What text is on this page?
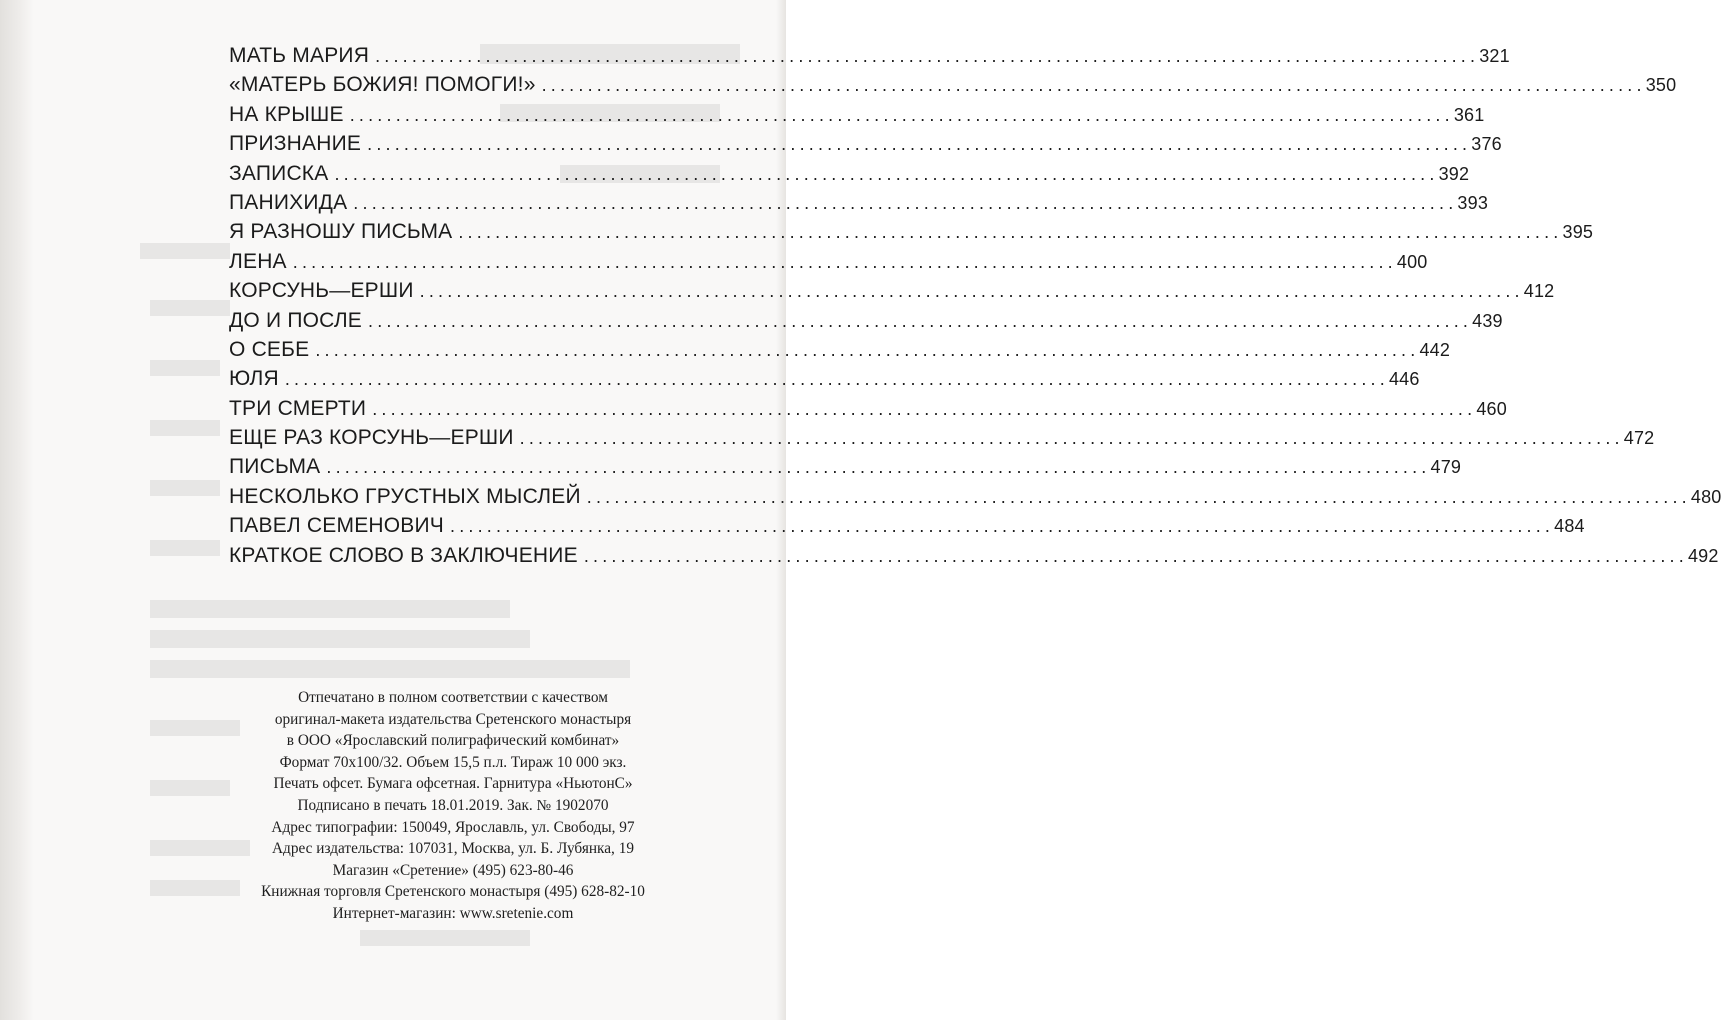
МАТЬ МАРИЯ ........................................................................................................................ 321
«МАТЕРЬ БОЖИЯ! ПОМОГИ!» ........................................................................................................................ 350
НА КРЫШЕ ........................................................................................................................ 361
ПРИЗНАНИЕ ........................................................................................................................ 376
ЗАПИСКА ........................................................................................................................ 392
ПАНИХИДА ........................................................................................................................ 393
Я РАЗНОШУ ПИСЬМА ........................................................................................................................ 395
ЛЕНА ........................................................................................................................ 400
КОРСУНЬ—ЕРШИ ........................................................................................................................ 412
ДО И ПОСЛЕ ........................................................................................................................ 439
О СЕБЕ ........................................................................................................................ 442
ЮЛЯ ........................................................................................................................ 446
ТРИ СМЕРТИ ........................................................................................................................ 460
ЕЩЕ РАЗ КОРСУНЬ—ЕРШИ ........................................................................................................................ 472
ПИСЬМА ........................................................................................................................ 479
НЕСКОЛЬКО ГРУСТНЫХ МЫСЛЕЙ ........................................................................................................................ 480
ПАВЕЛ СЕМЕНОВИЧ ........................................................................................................................ 484
КРАТКОЕ СЛОВО В ЗАКЛЮЧЕНИЕ ........................................................................................................................ 492
Отпечатано в полном соответствии с качеством
оригинал-макета издательства Сретенского монастыря
в ООО «Ярославский полиграфический комбинат»
Формат 70х100/32. Объем 15,5 п.л. Тираж 10 000 экз.
Печать офсет. Бумага офсетная. Гарнитура «НьютонС»
Подписано в печать 18.01.2019. Зак. № 1902070
Адрес типографии: 150049, Ярославль, ул. Свободы, 97
Адрес издательства: 107031, Москва, ул. Б. Лубянка, 19
Магазин «Сретение» (495) 623-80-46
Книжная торговля Сретенского монастыря (495) 628-82-10
Интернет-магазин: www.sretenie.com
